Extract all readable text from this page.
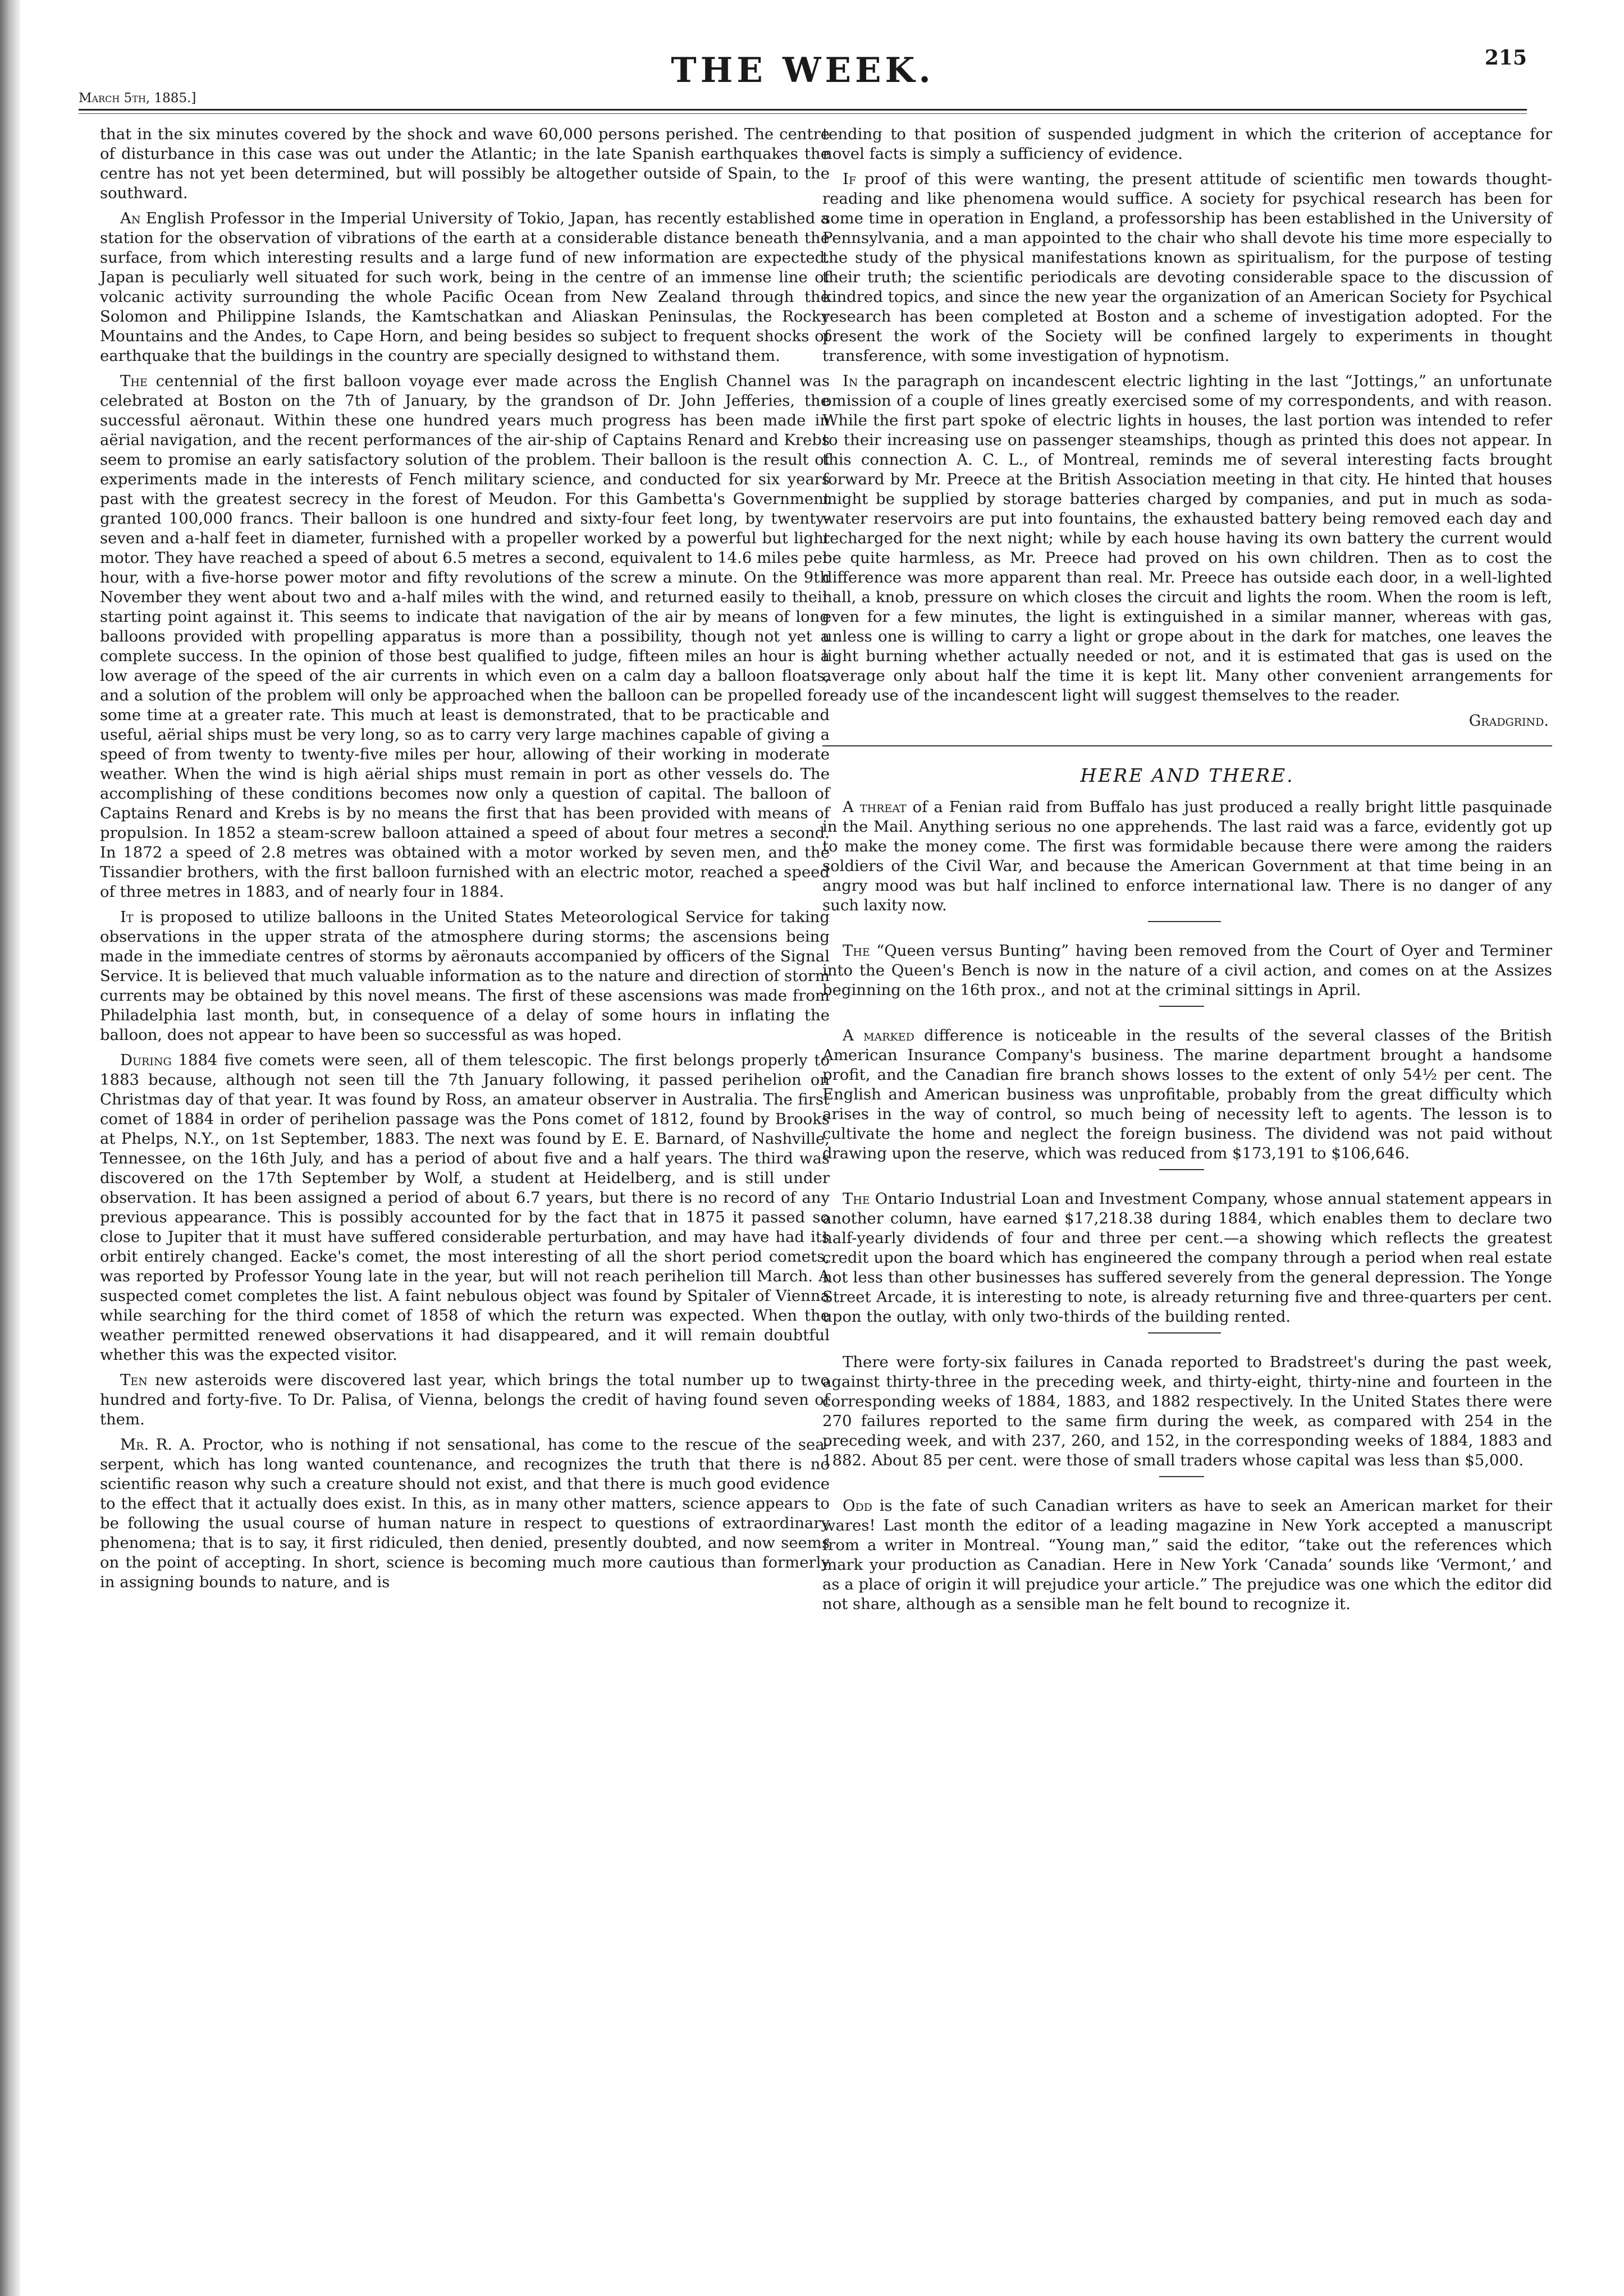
March 5th, 1885.]
THE WEEK.	215

that in the six minutes covered by the shock and wave 60,000 persons perished. The centre of disturbance in this case was out under the Atlantic; in the late Spanish earthquakes the centre has not yet been determined, but will possibly be altogether outside of Spain, to the southward.

An English Professor in the Imperial University of Tokio, Japan, has recently established a station for the observation of vibrations of the earth at a considerable distance beneath the surface, from which interesting results and a large fund of new information are expected. Japan is peculiarly well situated for such work, being in the centre of an immense line of volcanic activity surrounding the whole Pacific Ocean from New Zealand through the Solomon and Philippine Islands, the Kamtschatkan and Aliaskan Peninsulas, the Rocky Mountains and the Andes, to Cape Horn, and being besides so subject to frequent shocks of earthquake that the buildings in the country are specially designed to withstand them.

The centennial of the first balloon voyage ever made across the English Channel was celebrated at Boston on the 7th of January, by the grandson of Dr. John Jefferies, the successful aëronaut. Within these one hundred years much progress has been made in aërial navigation, and the recent performances of the air-ship of Captains Renard and Krebs seem to promise an early satisfactory solution of the problem. Their balloon is the result of experiments made in the interests of Fench military science, and conducted for six years past with the greatest secrecy in the forest of Meudon. For this Gambetta's Government granted 100,000 francs. Their balloon is one hundred and sixty-four feet long, by twenty-seven and a-half feet in diameter, furnished with a propeller worked by a powerful but light motor. They have reached a speed of about 6.5 metres a second, equivalent to 14.6 miles per hour, with a five-horse power motor and fifty revolutions of the screw a minute. On the 9th November they went about two and a-half miles with the wind, and returned easily to their starting point against it. This seems to indicate that navigation of the air by means of long balloons provided with propelling apparatus is more than a possibility, though not yet a complete success. In the opinion of those best qualified to judge, fifteen miles an hour is a low average of the speed of the air currents in which even on a calm day a balloon floats, and a solution of the problem will only be approached when the balloon can be propelled for some time at a greater rate. This much at least is demonstrated, that to be practicable and useful, aërial ships must be very long, so as to carry very large machines capable of giving a speed of from twenty to twenty-five miles per hour, allowing of their working in moderate weather. When the wind is high aërial ships must remain in port as other vessels do. The accomplishing of these conditions becomes now only a question of capital. The balloon of Captains Renard and Krebs is by no means the first that has been provided with means of propulsion. In 1852 a steam-screw balloon attained a speed of about four metres a second. In 1872 a speed of 2.8 metres was obtained with a motor worked by seven men, and the Tissandier brothers, with the first balloon furnished with an electric motor, reached a speed of three metres in 1883, and of nearly four in 1884.

It is proposed to utilize balloons in the United States Meteorological Service for taking observations in the upper strata of the atmosphere during storms; the ascensions being made in the immediate centres of storms by aëronauts accompanied by officers of the Signal Service. It is believed that much valuable information as to the nature and direction of storm currents may be obtained by this novel means. The first of these ascensions was made from Philadelphia last month, but, in consequence of a delay of some hours in inflating the balloon, does not appear to have been so successful as was hoped.

During 1884 five comets were seen, all of them telescopic. The first belongs properly to 1883 because, although not seen till the 7th January following, it passed perihelion on Christmas day of that year. It was found by Ross, an amateur observer in Australia. The first comet of 1884 in order of perihelion passage was the Pons comet of 1812, found by Brooks at Phelps, N.Y., on 1st September, 1883. The next was found by E. E. Barnard, of Nashville, Tennessee, on the 16th July, and has a period of about five and a half years. The third was discovered on the 17th September by Wolf, a student at Heidelberg, and is still under observation. It has been assigned a period of about 6.7 years, but there is no record of any previous appearance. This is possibly accounted for by the fact that in 1875 it passed so close to Jupiter that it must have suffered considerable perturbation, and may have had its orbit entirely changed. Eacke's comet, the most interesting of all the short period comets, was reported by Professor Young late in the year, but will not reach perihelion till March. A suspected comet completes the list. A faint nebulous object was found by Spitaler of Vienna while searching for the third comet of 1858 of which the return was expected. When the weather permitted renewed observations it had disappeared, and it will remain doubtful whether this was the expected visitor.

Ten new asteroids were discovered last year, which brings the total number up to two hundred and forty-five. To Dr. Palisa, of Vienna, belongs the credit of having found seven of them.

Mr. R. A. Proctor, who is nothing if not sensational, has come to the rescue of the sea-serpent, which has long wanted countenance, and recognizes the truth that there is no scientific reason why such a creature should not exist, and that there is much good evidence to the effect that it actually does exist. In this, as in many other matters, science appears to be following the usual course of human nature in respect to questions of extraordinary phenomena; that is to say, it first ridiculed, then denied, presently doubted, and now seems on the point of accepting. In short, science is becoming much more cautious than formerly in assigning bounds to nature, and is

tending to that position of suspended judgment in which the criterion of acceptance for novel facts is simply a sufficiency of evidence.

If proof of this were wanting, the present attitude of scientific men towards thought-reading and like phenomena would suffice. A society for psychical research has been for some time in operation in England, a professorship has been established in the University of Pennsylvania, and a man appointed to the chair who shall devote his time more especially to the study of the physical manifestations known as spiritualism, for the purpose of testing their truth; the scientific periodicals are devoting considerable space to the discussion of kindred topics, and since the new year the organization of an American Society for Psychical research has been completed at Boston and a scheme of investigation adopted. For the present the work of the Society will be confined largely to experiments in thought transference, with some investigation of hypnotism.

In the paragraph on incandescent electric lighting in the last “Jottings,” an unfortunate omission of a couple of lines greatly exercised some of my correspondents, and with reason. While the first part spoke of electric lights in houses, the last portion was intended to refer to their increasing use on passenger steamships, though as printed this does not appear. In this connection A. C. L., of Montreal, reminds me of several interesting facts brought forward by Mr. Preece at the British Association meeting in that city. He hinted that houses might be supplied by storage batteries charged by companies, and put in much as soda-water reservoirs are put into fountains, the exhausted battery being removed each day and recharged for the next night; while by each house having its own battery the current would be quite harmless, as Mr. Preece had proved on his own children. Then as to cost the difference was more apparent than real. Mr. Preece has outside each door, in a well-lighted hall, a knob, pressure on which closes the circuit and lights the room. When the room is left, even for a few minutes, the light is extinguished in a similar manner, whereas with gas, unless one is willing to carry a light or grope about in the dark for matches, one leaves the light burning whether actually needed or not, and it is estimated that gas is used on the average only about half the time it is kept lit. Many other convenient arrangements for ready use of the incandescent light will suggest themselves to the reader.

Gradgrind.
HERE AND THERE.

A threat of a Fenian raid from Buffalo has just produced a really bright little pasquinade in the Mail. Anything serious no one apprehends. The last raid was a farce, evidently got up to make the money come. The first was formidable because there were among the raiders soldiers of the Civil War, and because the American Government at that time being in an angry mood was but half inclined to enforce international law. There is no danger of any such laxity now.

The “Queen versus Bunting” having been removed from the Court of Oyer and Terminer into the Queen's Bench is now in the nature of a civil action, and comes on at the Assizes beginning on the 16th prox., and not at the criminal sittings in April.

A marked difference is noticeable in the results of the several classes of the British American Insurance Company's business. The marine department brought a handsome profit, and the Canadian fire branch shows losses to the extent of only 54½ per cent. The English and American business was unprofitable, probably from the great difficulty which arises in the way of control, so much being of necessity left to agents. The lesson is to cultivate the home and neglect the foreign business. The dividend was not paid without drawing upon the reserve, which was reduced from $173,191 to $106,646.

The Ontario Industrial Loan and Investment Company, whose annual statement appears in another column, have earned $17,218.38 during 1884, which enables them to declare two half-yearly dividends of four and three per cent.—a showing which reflects the greatest credit upon the board which has engineered the company through a period when real estate not less than other businesses has suffered severely from the general depression. The Yonge Street Arcade, it is interesting to note, is already returning five and three-quarters per cent. upon the outlay, with only two-thirds of the building rented.

There were forty-six failures in Canada reported to Bradstreet's during the past week, against thirty-three in the preceding week, and thirty-eight, thirty-nine and fourteen in the corresponding weeks of 1884, 1883, and 1882 respectively. In the United States there were 270 failures reported to the same firm during the week, as compared with 254 in the preceding week, and with 237, 260, and 152, in the corresponding weeks of 1884, 1883 and 1882. About 85 per cent. were those of small traders whose capital was less than $5,000.

Odd is the fate of such Canadian writers as have to seek an American market for their wares! Last month the editor of a leading magazine in New York accepted a manuscript from a writer in Montreal. “Young man,” said the editor, “take out the references which mark your production as Canadian. Here in New York ‘Canada’ sounds like ‘Vermont,’ and as a place of origin it will prejudice your article.” The prejudice was one which the editor did not share, although as a sensible man he felt bound to recognize it.
